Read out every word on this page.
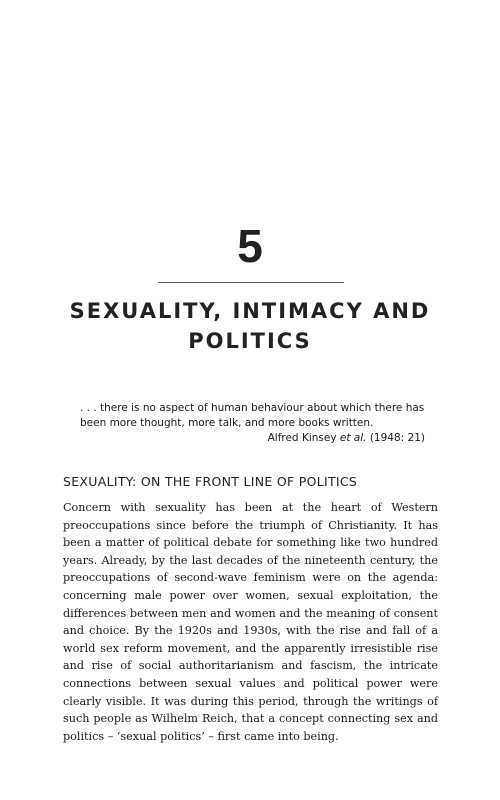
5
SEXUALITY, INTIMACY AND POLITICS
. . . there is no aspect of human behaviour about which there has been more thought, more talk, and more books written.
Alfred Kinsey et al. (1948: 21)
SEXUALITY: ON THE FRONT LINE OF POLITICS

Concern with sexuality has been at the heart of Western preoccupations since before the triumph of Christianity. It has been a matter of political debate for something like two hundred years. Already, by the last decades of the nineteenth century, the preoccupations of second-wave feminism were on the agenda: concerning male power over women, sexual exploitation, the differences between men and women and the meaning of consent and choice. By the 1920s and 1930s, with the rise and fall of a world sex reform movement, and the apparently irresistible rise and rise of social authoritarianism and fascism, the intricate connections between sexual values and political power were clearly visible. It was during this period, through the writings of such people as Wilhelm Reich, that a concept connecting sex and politics – ‘sexual politics’ – first came into being.
